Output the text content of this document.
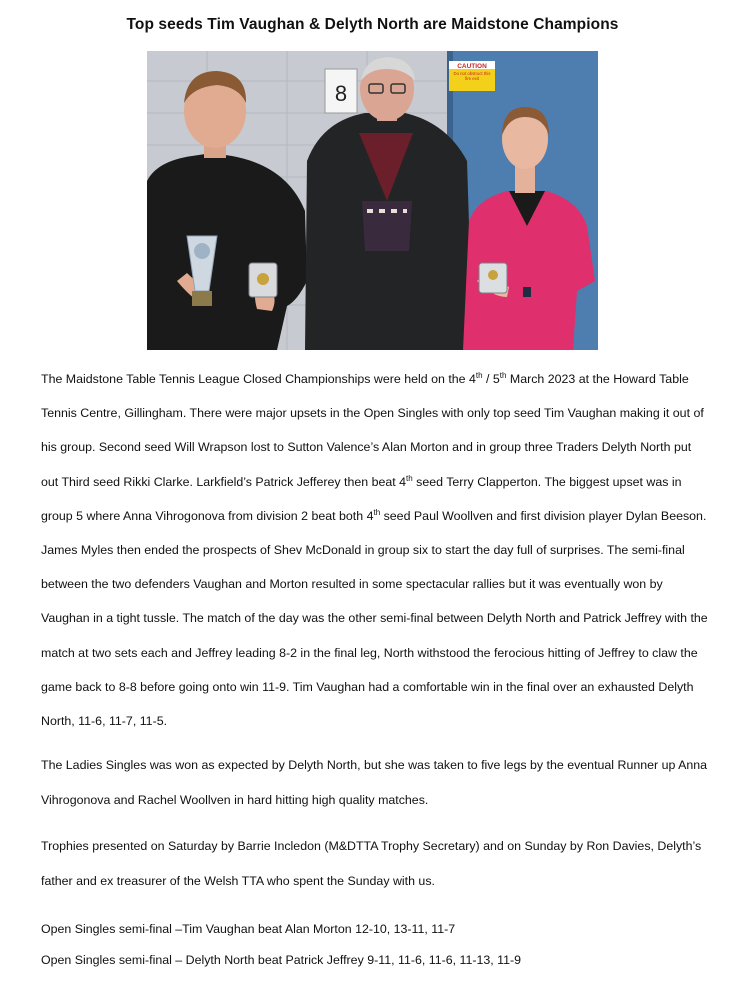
Top seeds Tim Vaughan & Delyth North are Maidstone Champions
CAUTION
Do not obstruct this fire exit
8

The Maidstone Table Tennis League Closed Championships were held on the 4th / 5th March 2023 at the Howard Table Tennis Centre, Gillingham. There were major upsets in the Open Singles with only top seed Tim Vaughan making it out of his group. Second seed Will Wrapson lost to Sutton Valence’s Alan Morton and in group three Traders Delyth North put out Third seed Rikki Clarke. Larkfield’s Patrick Jefferey then beat 4th seed Terry Clapperton. The biggest upset was in group 5 where Anna Vihrogonova from division 2 beat both 4th seed Paul Woollven and first division player Dylan Beeson. James Myles then ended the prospects of Shev McDonald in group six to start the day full of surprises. The semi-final between the two defenders Vaughan and Morton resulted in some spectacular rallies but it was eventually won by Vaughan in a tight tussle. The match of the day was the other semi-final between Delyth North and Patrick Jeffrey with the match at two sets each and Jeffrey leading 8-2 in the final leg, North withstood the ferocious hitting of Jeffrey to claw the game back to 8-8 before going onto win 11-9. Tim Vaughan had a comfortable win in the final over an exhausted Delyth North, 11-6, 11-7, 11-5.

The Ladies Singles was won as expected by Delyth North, but she was taken to five legs by the eventual Runner up Anna Vihrogonova and Rachel Woollven in hard hitting high quality matches.

Trophies presented on Saturday by Barrie Incledon (M&DTTA Trophy Secretary) and on Sunday by Ron Davies, Delyth’s father and ex treasurer of the Welsh TTA who spent the Sunday with us.

Open Singles semi-final –Tim Vaughan beat Alan Morton 12-10, 13-11, 11-7
Open Singles semi-final – Delyth North beat Patrick Jeffrey 9-11, 11-6, 11-6, 11-13, 11-9
